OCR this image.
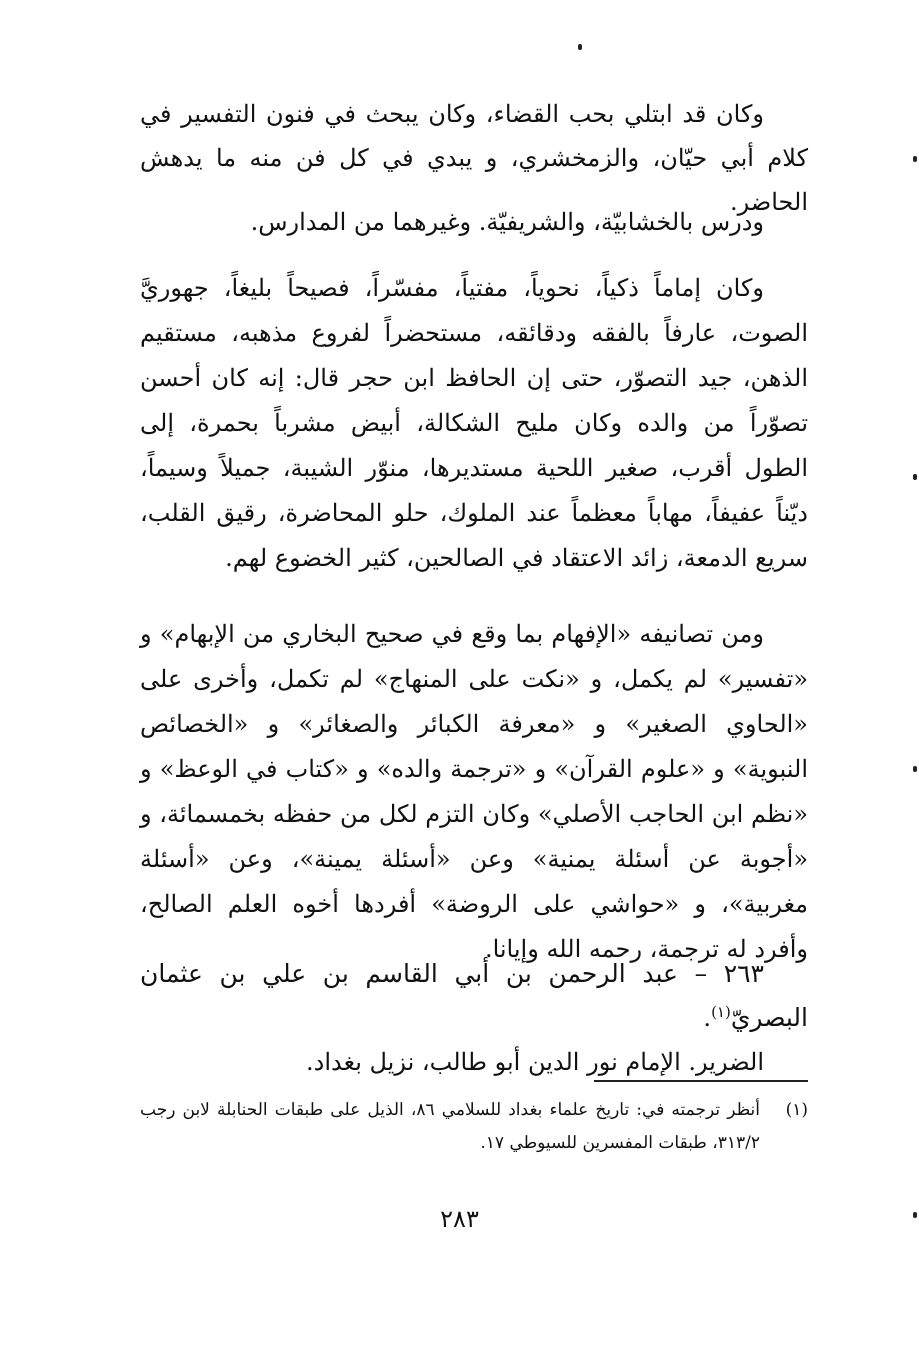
وكان قد ابتلي بحب القضاء، وكان يبحث في فنون التفسير في كلام أبي حيّان، والزمخشري، و يبدي في كل فن منه ما يدهش الحاضر.

ودرس بالخشابيّة، والشريفيّة. وغيرهما من المدارس.

وكان إماماً ذكياً، نحوياً، مفتياً، مفسّراً، فصيحاً بليغاً، جهوريَّ الصوت، عارفاً بالفقه ودقائقه، مستحضراً لفروع مذهبه، مستقيم الذهن، جيد التصوّر، حتى إن الحافظ ابن حجر قال: إنه كان أحسن تصوّراً من والده وكان مليح الشكالة، أبيض مشرباً بحمرة، إلى الطول أقرب، صغير اللحية مستديرها، منوّر الشيبة، جميلاً وسيماً، ديّناً عفيفاً، مهاباً معظماً عند الملوك، حلو المحاضرة، رقيق القلب، سريع الدمعة، زائد الاعتقاد في الصالحين، كثير الخضوع لهم.

ومن تصانيفه «الإفهام بما وقع في صحيح البخاري من الإبهام» و «تفسير» لم يكمل، و «نكت على المنهاج» لم تكمل، وأخرى على «الحاوي الصغير» و «معرفة الكبائر والصغائر» و «الخصائص النبوية» و «علوم القرآن» و «ترجمة والده» و «كتاب في الوعظ» و «نظم ابن الحاجب الأصلي» وكان التزم لكل من حفظه بخمسمائة، و «أجوبة عن أسئلة يمنية» وعن «أسئلة يمينة»، وعن «أسئلة مغربية»، و «حواشي على الروضة» أفردها أخوه العلم الصالح، وأفرد له ترجمة، رحمه الله وإيانا.

٢٦٣ – عبد الرحمن بن أبي القاسم بن علي بن عثمان البصريّ$^{(١)}$.
الضرير. الإمام نور الدين أبو طالب، نزيل بغداد.
(١)
أنظر ترجمته في: تاريخ علماء بغداد للسلامي ٨٦، الذيل على طبقات الحنابلة لابن رجب ٣١٣/٢، طبقات المفسرين للسيوطي ١٧.
٢٨٣
